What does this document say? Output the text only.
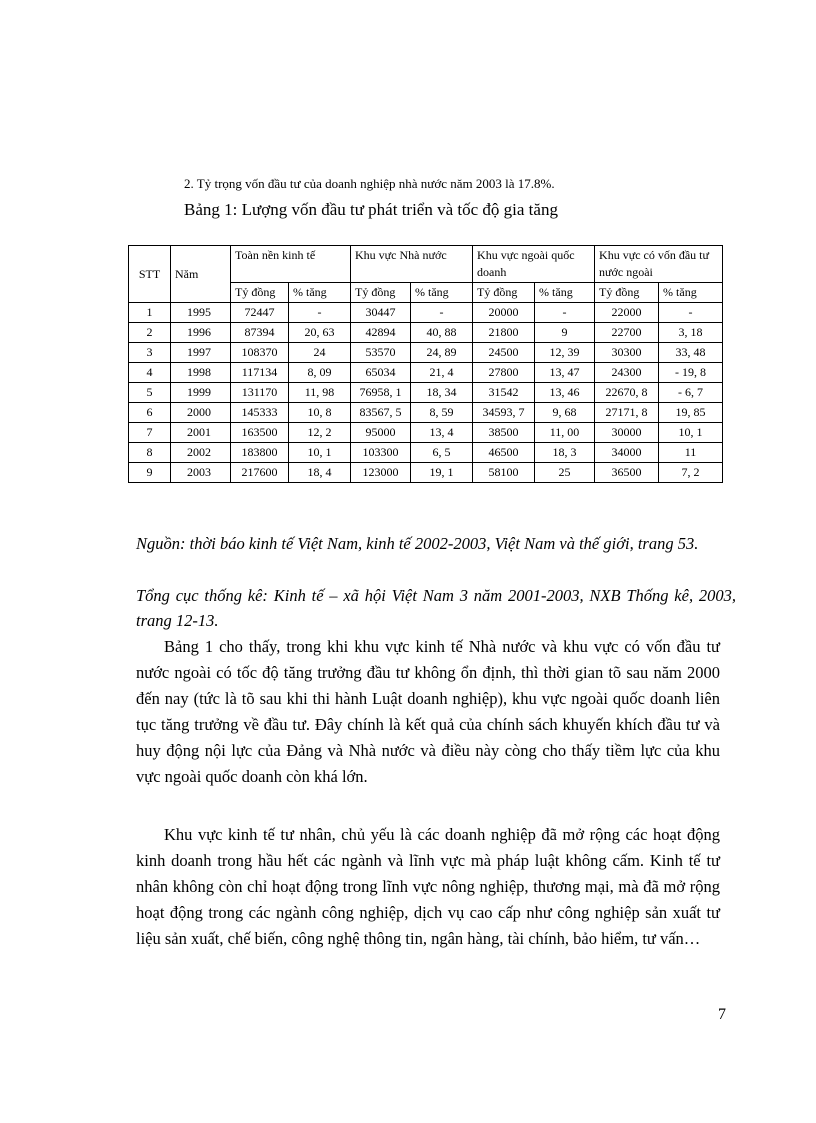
2. Tỷ trọng vốn đầu tư của doanh nghiệp nhà nước năm 2003 là 17.8%.
Bảng 1: Lượng vốn đầu tư phát triển và tốc độ gia tăng
STT	Năm	Toàn nền kinh tế		Khu vực Nhà nước		Khu vực ngoài quốc doanh		Khu vực có vốn đầu tư nước ngoài	
		Tỷ đồng	% tăng	Tỷ đồng	% tăng	Tỷ đồng	% tăng	Tỷ đồng	% tăng
1	1995	72447	-	30447	-	20000	-	22000	-
2	1996	87394	20, 63	42894	40, 88	21800	9	22700	3, 18
3	1997	108370	24	53570	24, 89	24500	12, 39	30300	33, 48
4	1998	117134	8, 09	65034	21, 4	27800	13, 47	24300	- 19, 8
5	1999	131170	11, 98	76958, 1	18, 34	31542	13, 46	22670, 8	- 6, 7
6	2000	145333	10, 8	83567, 5	8, 59	34593, 7	9, 68	27171, 8	19, 85
7	2001	163500	12, 2	95000	13, 4	38500	11, 00	30000	10, 1
8	2002	183800	10, 1	103300	6, 5	46500	18, 3	34000	11
9	2003	217600	18, 4	123000	19, 1	58100	25	36500	7, 2
Nguồn: thời báo kinh tế Việt Nam, kinh tế 2002-2003, Việt Nam và thế giới, trang 53.
Tổng cục thống kê: Kinh tế – xã hội Việt Nam 3 năm 2001-2003, NXB Thống kê, 2003, trang 12-13.

Bảng 1 cho thấy, trong khi khu vực kinh tế Nhà nước và khu vực có vốn đầu tư nước ngoài có tốc độ tăng trưởng đầu tư không ổn định, thì thời gian tõ sau năm 2000 đến nay (tức là tõ sau khi thi hành Luật doanh nghiệp), khu vực ngoài quốc doanh liên tục tăng trưởng về đầu tư. Đây chính là kết quả của chính sách khuyến khích đầu tư và huy động nội lực của Đảng và Nhà nước và điều này còng cho thấy tiềm lực của khu vực ngoài quốc doanh còn khá lớn.

Khu vực kinh tế tư nhân, chủ yếu là các doanh nghiệp đã mở rộng các hoạt động kinh doanh trong hầu hết các ngành và lĩnh vực mà pháp luật không cấm. Kinh tế tư nhân không còn chỉ hoạt động trong lĩnh vực nông nghiệp, thương mại, mà đã mở rộng hoạt động trong các ngành công nghiệp, dịch vụ cao cấp như công nghiệp sản xuất tư liệu sản xuất, chế biến, công nghệ thông tin, ngân hàng, tài chính, bảo hiểm, tư vấn…

7
